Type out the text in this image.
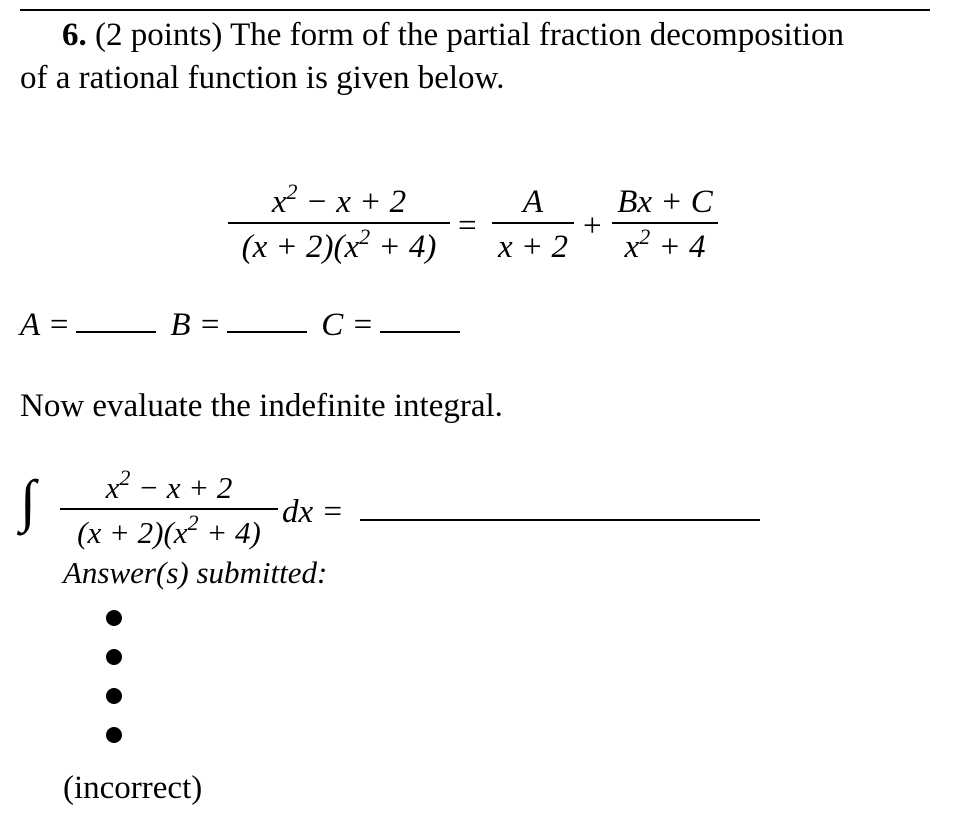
6. (2 points) The form of the partial fraction decomposition
of a rational function is given below.
$\frac{x^2 - x + 2}{(x + 2)(x^2 + 4)} = \frac{A}{x + 2} + \frac{Bx + C}{x^2 + 4}$
A =	B =	C =
Now evaluate the indefinite integral.
∫ $\frac{x^2 - x + 2}{(x + 2)(x^2 + 4)}$ dx =
Answer(s) submitted:
(incorrect)
